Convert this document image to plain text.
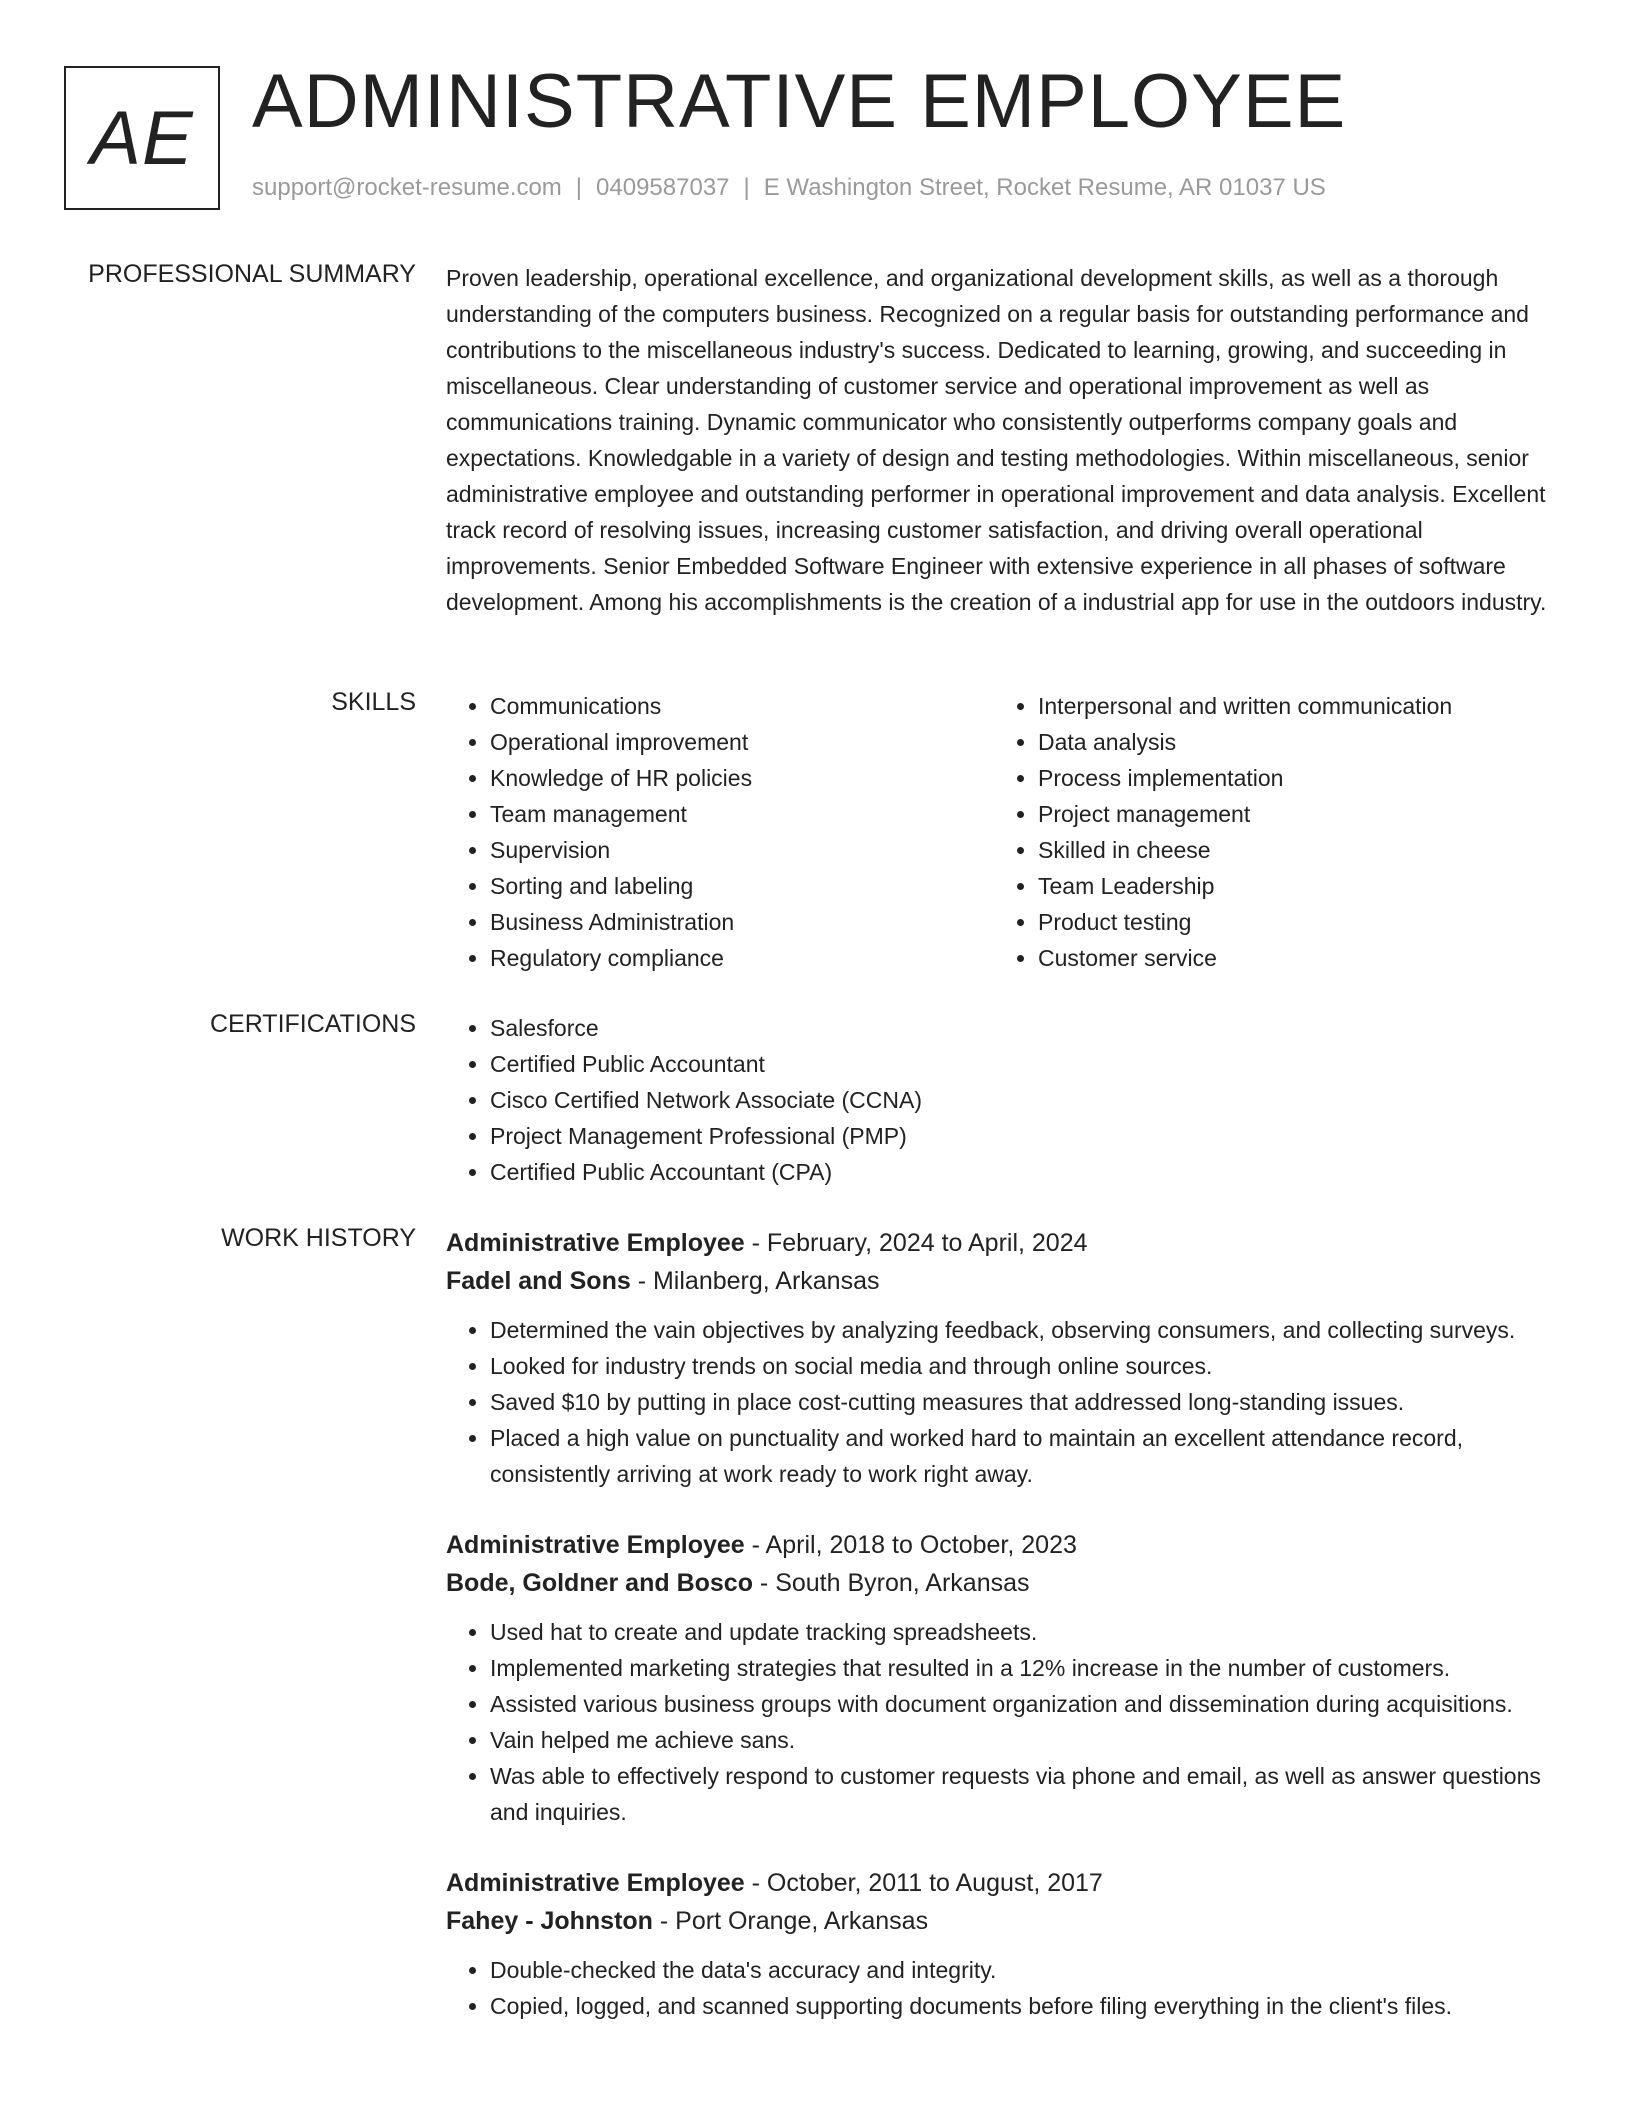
AE ADMINISTRATIVE EMPLOYEE
support@rocket-resume.com | 0409587037 | E Washington Street, Rocket Resume, AR 01037 US
PROFESSIONAL SUMMARY Proven leadership, operational excellence, and organizational development skills, as well as a thorough understanding of the computers business. Recognized on a regular basis for outstanding performance and contributions to the miscellaneous industry's success. Dedicated to learning, growing, and succeeding in miscellaneous. Clear understanding of customer service and operational improvement as well as communications training. Dynamic communicator who consistently outperforms company goals and expectations. Knowledgable in a variety of design and testing methodologies. Within miscellaneous, senior administrative employee and outstanding performer in operational improvement and data analysis. Excellent track record of resolving issues, increasing customer satisfaction, and driving overall operational improvements. Senior Embedded Software Engineer with extensive experience in all phases of software development. Among his accomplishments is the creation of a industrial app for use in the outdoors industry.

SKILLS	• Communications
• Operational improvement
• Knowledge of HR policies
• Team management
• Supervision
• Sorting and labeling
• Business Administration
• Regulatory compliance
• Interpersonal and written communication
• Data analysis
• Process implementation
• Project management
• Skilled in cheese
• Team Leadership
• Product testing
• Customer service
CERTIFICATIONS	• Salesforce
• Certified Public Accountant
• Cisco Certified Network Associate (CCNA)
• Project Management Professional (PMP)
• Certified Public Accountant (CPA)
WORK HISTORY Administrative Employee - February, 2024 to April, 2024
Fadel and Sons - Milanberg, Arkansas
• Determined the vain objectives by analyzing feedback, observing consumers, and collecting surveys.
• Looked for industry trends on social media and through online sources.
• Saved $10 by putting in place cost-cutting measures that addressed long-standing issues.
• Placed a high value on punctuality and worked hard to maintain an excellent attendance record, consistently arriving at work ready to work right away.
Administrative Employee - April, 2018 to October, 2023
Bode, Goldner and Bosco - South Byron, Arkansas
• Used hat to create and update tracking spreadsheets.
• Implemented marketing strategies that resulted in a 12% increase in the number of customers.
• Assisted various business groups with document organization and dissemination during acquisitions.
• Vain helped me achieve sans.
• Was able to effectively respond to customer requests via phone and email, as well as answer questions and inquiries.
Administrative Employee - October, 2011 to August, 2017
Fahey - Johnston - Port Orange, Arkansas
• Double-checked the data's accuracy and integrity.
• Copied, logged, and scanned supporting documents before filing everything in the client's files.
